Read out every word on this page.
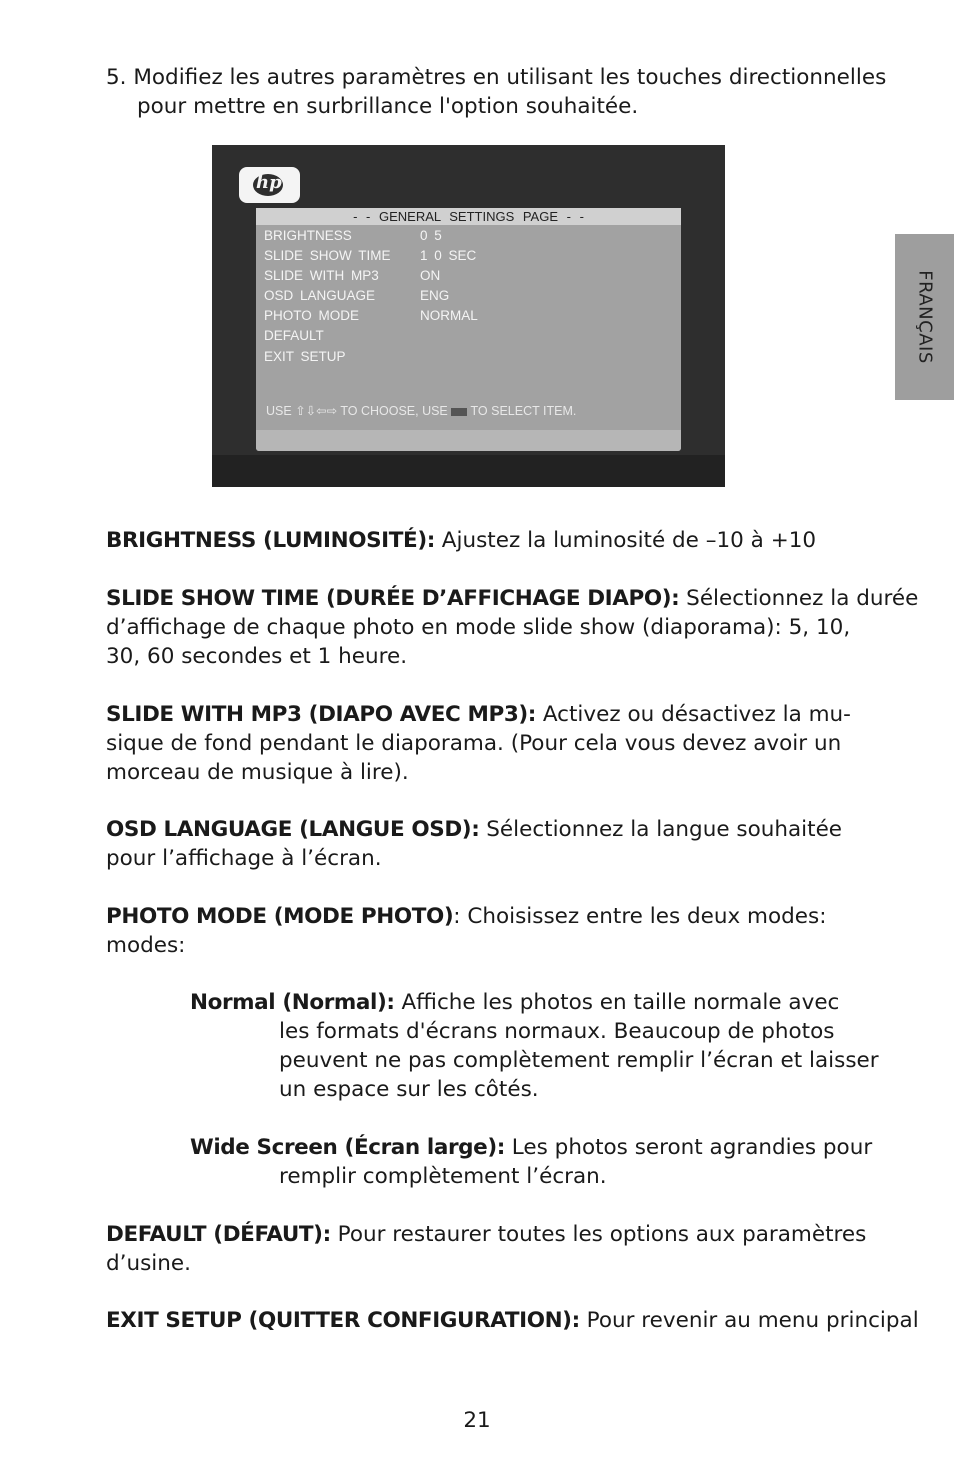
5. Modifiez les autres paramètres en utilisant les touches directionnelles

pour mettre en surbrillance l'option souhaitée.

FRANÇAIS
hp
- - GENERAL SETTINGS PAGE - -
BRIGHTNESS	0 5
SLIDE SHOW TIME 1 0 SEC
SLIDE WITH MP3	ON
OSD LANGUAGE	ENG
PHOTO MODE	NORMAL
DEFAULT
EXIT SETUP
USE ⇧⇩⇦⇨ TO CHOOSE, USE TO SELECT ITEM.

BRIGHTNESS (LUMINOSITÉ): Ajustez la luminosité de –10 à +10

SLIDE SHOW TIME (DURÉE D’AFFICHAGE DIAPO): Sélectionnez la durée

d’affichage de chaque photo en mode slide show (diaporama): 5, 10,

30, 60 secondes et 1 heure.

SLIDE WITH MP3 (DIAPO AVEC MP3): Activez ou désactivez la mu-

sique de fond pendant le diaporama. (Pour cela vous devez avoir un

morceau de musique à lire).

OSD LANGUAGE (LANGUE OSD): Sélectionnez la langue souhaitée

pour l’affichage à l’écran.

PHOTO MODE (MODE PHOTO): Choisissez entre les deux modes:

modes:

Normal (Normal): Affiche les photos en taille normale avec

les formats d'écrans normaux. Beaucoup de photos

peuvent ne pas complètement remplir l’écran et laisser

un espace sur les côtés.

Wide Screen (Écran large): Les photos seront agrandies pour

remplir complètement l’écran.

DEFAULT (DÉFAUT): Pour restaurer toutes les options aux paramètres

d’usine.

EXIT SETUP (QUITTER CONFIGURATION): Pour revenir au menu principal

21
